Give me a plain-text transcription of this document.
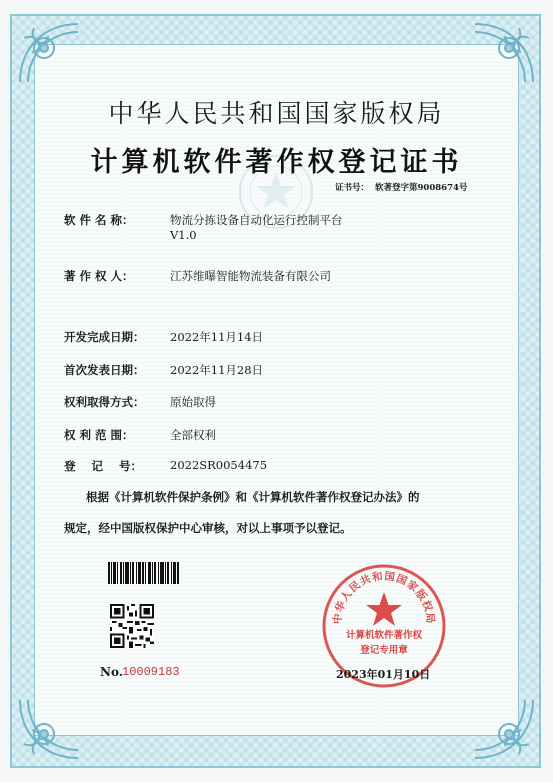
中华人民共和国国家版权局
计算机软件著作权登记证书
证书号： 软著登字第9008674号
软 件 名 称：	物流分拣设备自动化运行控制平台
V1.0
著 作 权 人：	江苏维曝智能物流装备有限公司
开发完成日期： 2022年11月14日
首次发表日期： 2022年11月28日
权利取得方式： 原始取得
权 利 范 围：	全部权利
登    记    号： 2022SR0054475
根据《计算机软件保护条例》和《计算机软件著作权登记办法》的
规定，经中国版权保护中心审核，对以上事项予以登记。
No. 10009183
中华人民共和国国家版权局
计算机软件著作权
登记专用章
2023年01月10日
